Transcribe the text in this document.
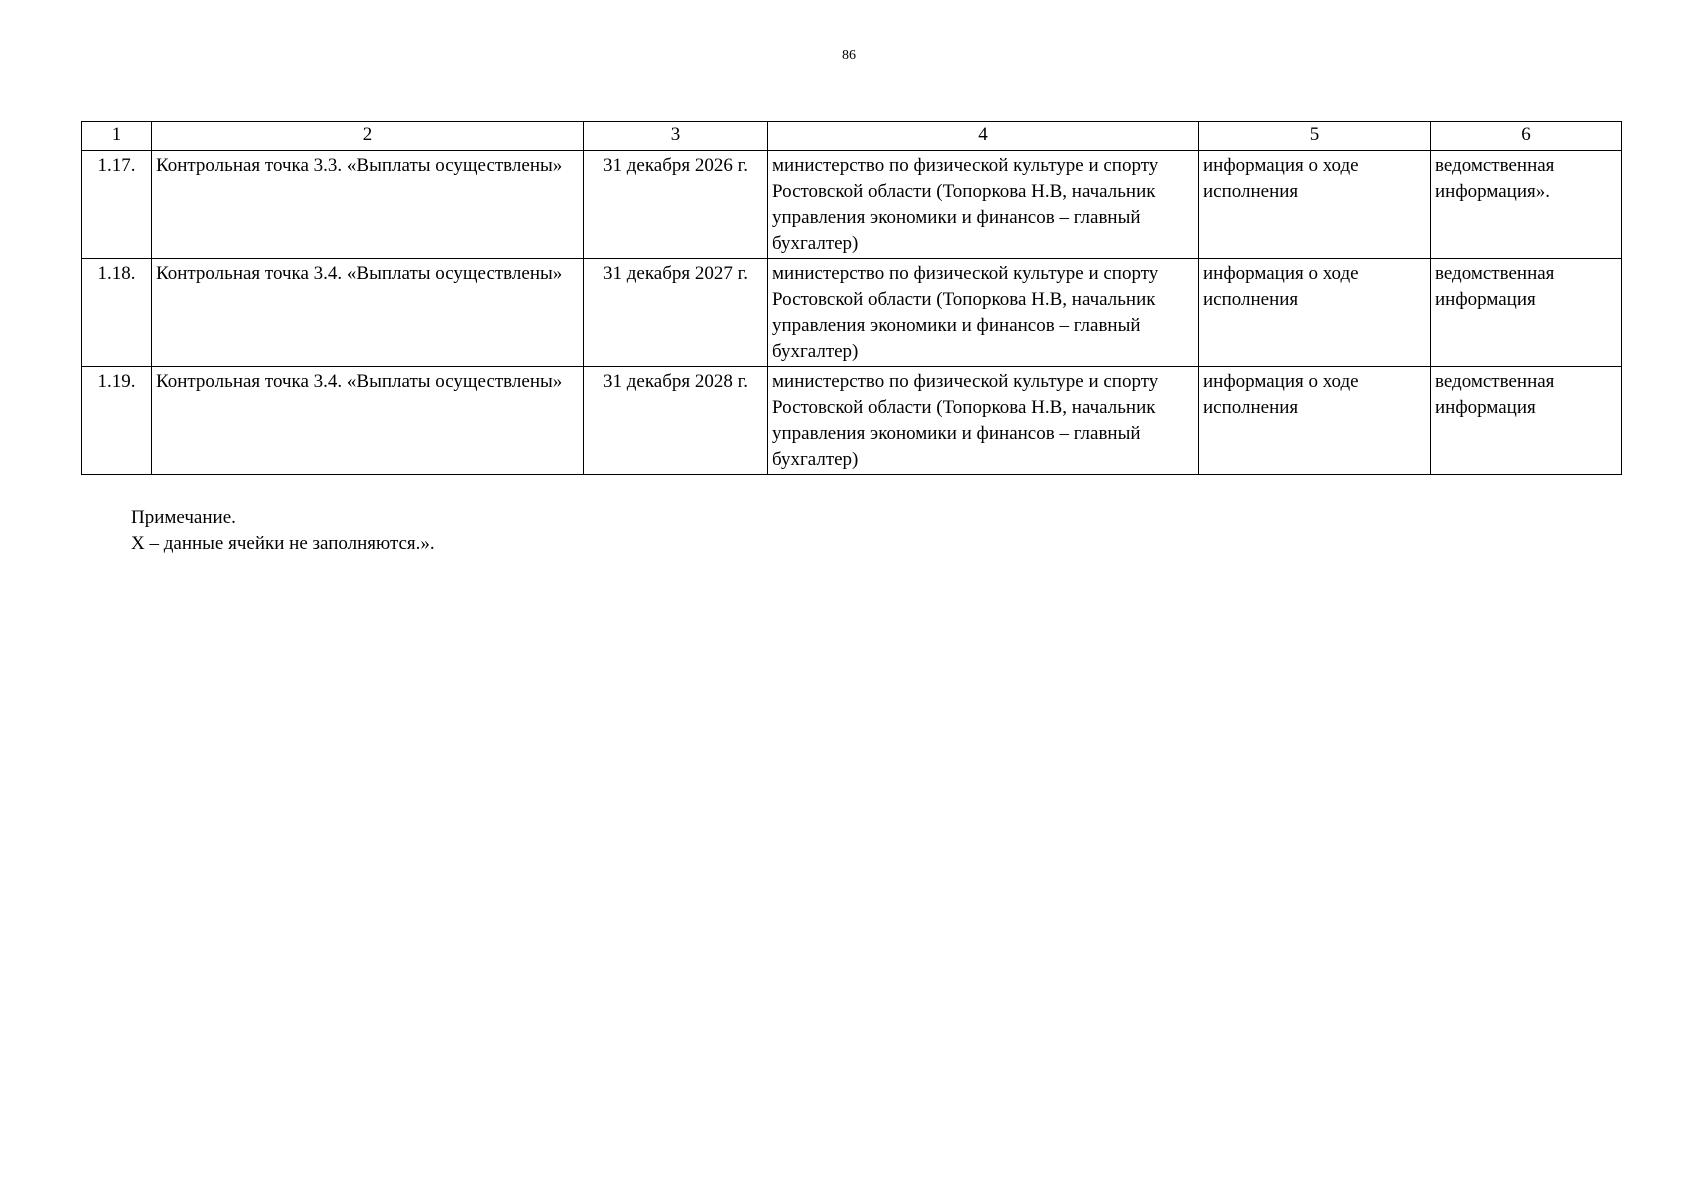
86
1	2	3	4	5	6
1.17.	Контрольная точка 3.3. «Выплаты осуществлены»	31 декабря 2026 г.	министерство по физической культуре и спорту Ростовской области (Топоркова Н.В, начальник управления экономики и финансов – главный бухгалтер)	информация о ходе исполнения	ведомственная информация».
1.18.	Контрольная точка 3.4. «Выплаты осуществлены»	31 декабря 2027 г.	министерство по физической культуре и спорту Ростовской области (Топоркова Н.В, начальник управления экономики и финансов – главный бухгалтер)	информация о ходе исполнения	ведомственная информация
1.19.	Контрольная точка 3.4. «Выплаты осуществлены»	31 декабря 2028 г.	министерство по физической культуре и спорту Ростовской области (Топоркова Н.В, начальник управления экономики и финансов – главный бухгалтер)	информация о ходе исполнения	ведомственная информация
Примечание.
Х – данные ячейки не заполняются.».
